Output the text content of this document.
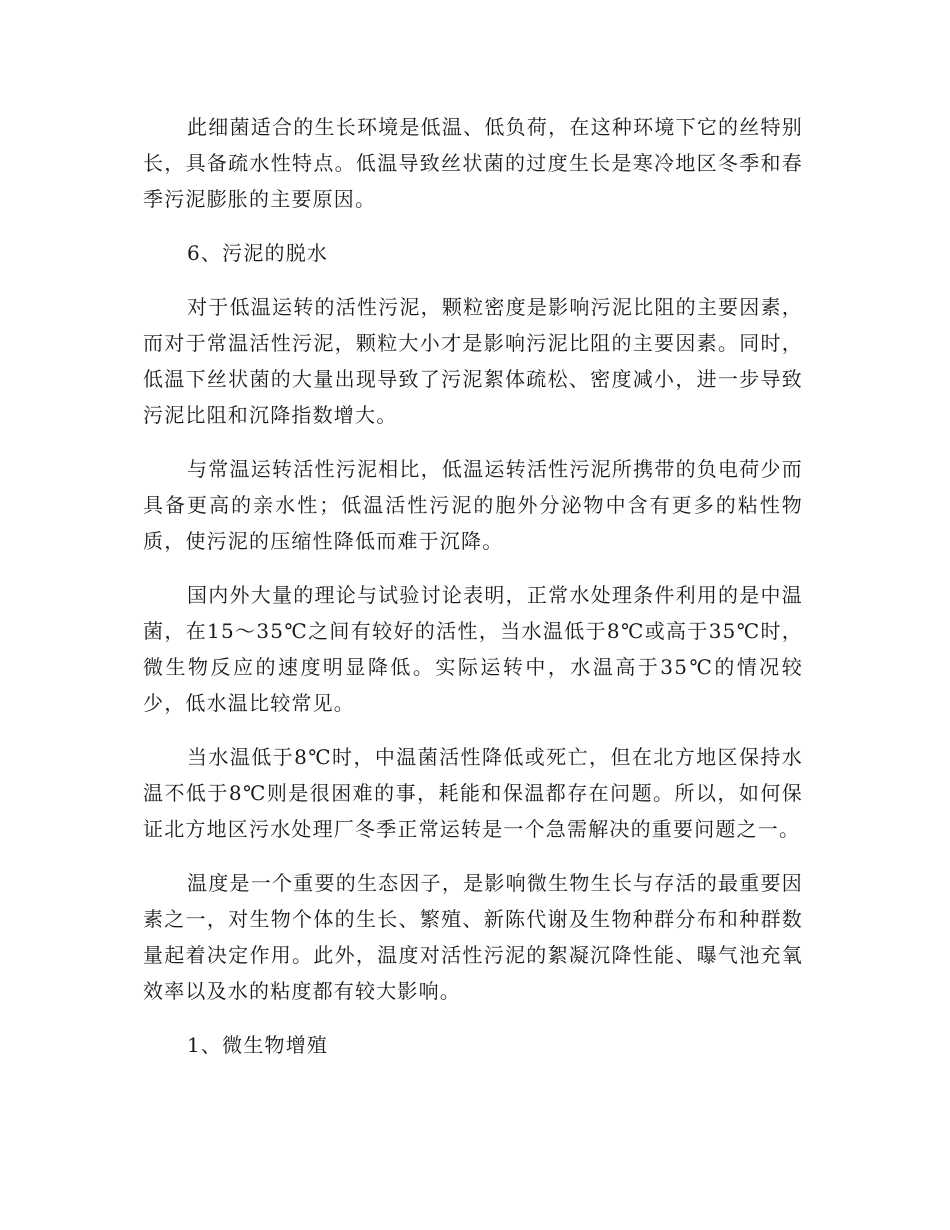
此细菌适合的生长环境是低温、低负荷，在这种环境下它的丝特别长，具备疏水性特点。低温导致丝状菌的过度生长是寒冷地区冬季和春季污泥膨胀的主要原因。

6、污泥的脱水

对于低温运转的活性污泥，颗粒密度是影响污泥比阻的主要因素，而对于常温活性污泥，颗粒大小才是影响污泥比阻的主要因素。同时，低温下丝状菌的大量出现导致了污泥絮体疏松、密度减小，进一步导致污泥比阻和沉降指数增大。

与常温运转活性污泥相比，低温运转活性污泥所携带的负电荷少而具备更高的亲水性；低温活性污泥的胞外分泌物中含有更多的粘性物质，使污泥的压缩性降低而难于沉降。

国内外大量的理论与试验讨论表明，正常水处理条件利用的是中温菌，在15～35℃之间有较好的活性，当水温低于8℃或高于35℃时，微生物反应的速度明显降低。实际运转中，水温高于35℃的情况较少，低水温比较常见。

当水温低于8℃时，中温菌活性降低或死亡，但在北方地区保持水温不低于8℃则是很困难的事，耗能和保温都存在问题。所以，如何保证北方地区污水处理厂冬季正常运转是一个急需解决的重要问题之一。

温度是一个重要的生态因子，是影响微生物生长与存活的最重要因素之一，对生物个体的生长、繁殖、新陈代谢及生物种群分布和种群数量起着决定作用。此外，温度对活性污泥的絮凝沉降性能、曝气池充氧效率以及水的粘度都有较大影响。

1、微生物增殖
